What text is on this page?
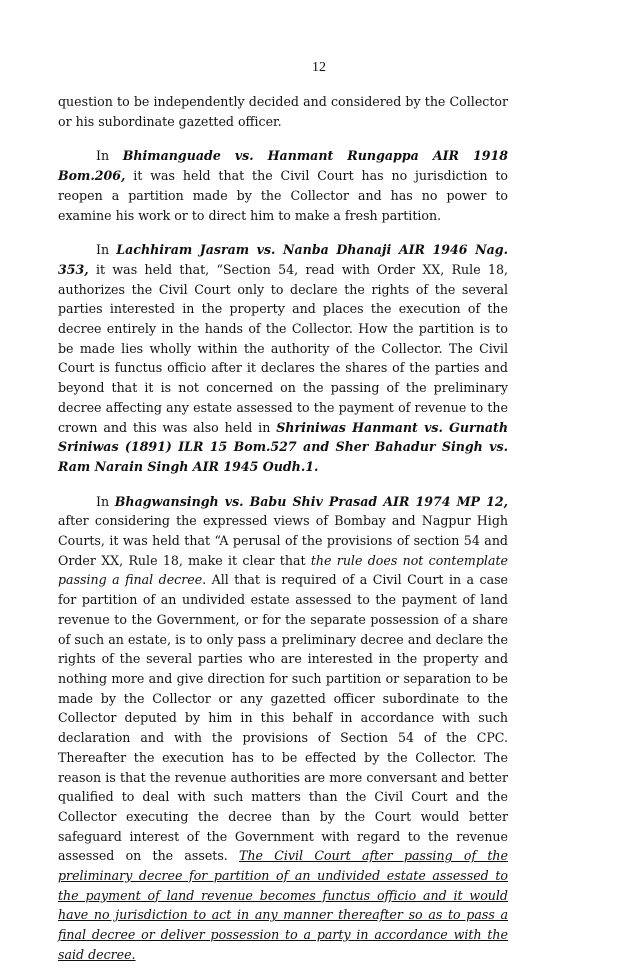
12

question to be independently decided and considered by the Collector or his subordinate gazetted officer.

In Bhimanguade vs. Hanmant Rungappa AIR 1918 Bom.206, it was held that the Civil Court has no jurisdiction to reopen a partition made by the Collector and has no power to examine his work or to direct him to make a fresh partition.

In Lachhiram Jasram vs. Nanba Dhanaji AIR 1946 Nag. 353, it was held that, “Section 54, read with Order XX, Rule 18, authorizes the Civil Court only to declare the rights of the several parties interested in the property and places the execution of the decree entirely in the hands of the Collector. How the partition is to be made lies wholly within the authority of the Collector. The Civil Court is functus officio after it declares the shares of the parties and beyond that it is not concerned on the passing of the preliminary decree affecting any estate assessed to the payment of revenue to the crown and this was also held in Shriniwas Hanmant vs. Gurnath Sriniwas (1891) ILR 15 Bom.527 and Sher Bahadur Singh vs. Ram Narain Singh AIR 1945 Oudh.1.

In Bhagwansingh vs. Babu Shiv Prasad AIR 1974 MP 12, after considering the expressed views of Bombay and Nagpur High Courts, it was held that “A perusal of the provisions of section 54 and Order XX, Rule 18, make it clear that the rule does not contemplate passing a final decree. All that is required of a Civil Court in a case for partition of an undivided estate assessed to the payment of land revenue to the Government, or for the separate possession of a share of such an estate, is to only pass a preliminary decree and declare the rights of the several parties who are interested in the property and nothing more and give direction for such partition or separation to be made by the Collector or any gazetted officer subordinate to the Collector deputed by him in this behalf in accordance with such declaration and with the provisions of Section 54 of the CPC. Thereafter the execution has to be effected by the Collector. The reason is that the revenue authorities are more conversant and better qualified to deal with such matters than the Civil Court and the Collector executing the decree than by the Court would better safeguard interest of the Government with regard to the revenue assessed on the assets. The Civil Court after passing of the preliminary decree for partition of an undivided estate assessed to the payment of land revenue becomes functus officio and it would have no jurisdiction to act in any manner thereafter so as to pass a final decree or deliver possession to a party in accordance with the said decree.
